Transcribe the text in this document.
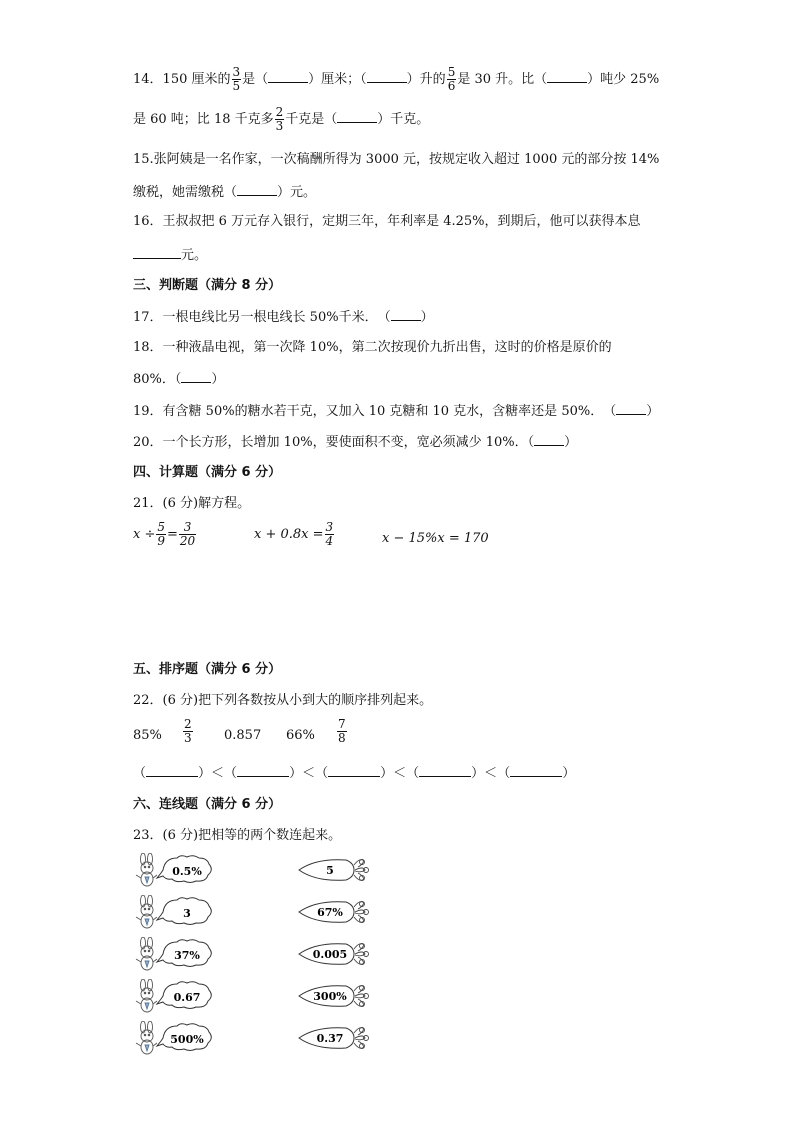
14．150 厘米的 $\frac{3}{5}$ 是（	）厘米；（	）升的 $\frac{5}{6}$ 是 30 升。比（	）吨少 25%
是 60 吨；比 18 千克多 $\frac{2}{3}$ 千克是（	）千克。
15.张阿姨是一名作家，一次稿酬所得为 3000 元，按规定收入超过 1000 元的部分按 14%
缴税，她需缴税（	）元。
16．王叔叔把 6 万元存入银行，定期三年，年利率是 4.25%，到期后，他可以获得本息
元。
三、判断题（满分 8 分）
17．一根电线比另一根电线长 50%千米．　（ ）
18．一种液晶电视，第一次降 10%，第二次按现价九折出售，这时的价格是原价的
80%．（ ）
19．有含糖 50%的糖水若干克，又加入 10 克糖和 10 克水，含糖率还是 50%．　（ ）
20．一个长方形，长增加 10%，要使面积不变，宽必须减少 10%．（ ）
四、计算题（满分 6 分）
21．(6 分)解方程。
$x \div \frac{5}{9} = \frac{3}{20}$	$x + 0.8x = \frac{3}{4}$	x − 15%x = 170
五、排序题（满分 6 分）
22．(6 分)把下列各数按从小到大的顺序排列起来。
$85\% \frac{2}{3} 0.857$ $66\% \frac{7}{8}$
（	）＜（	）＜（	）＜（	）＜（	）
六、连线题（满分 6 分）
23．(6 分)把相等的两个数连起来。
0.5%
3
37%
0.67
500%
5
67%
0.005
300%
0.37
